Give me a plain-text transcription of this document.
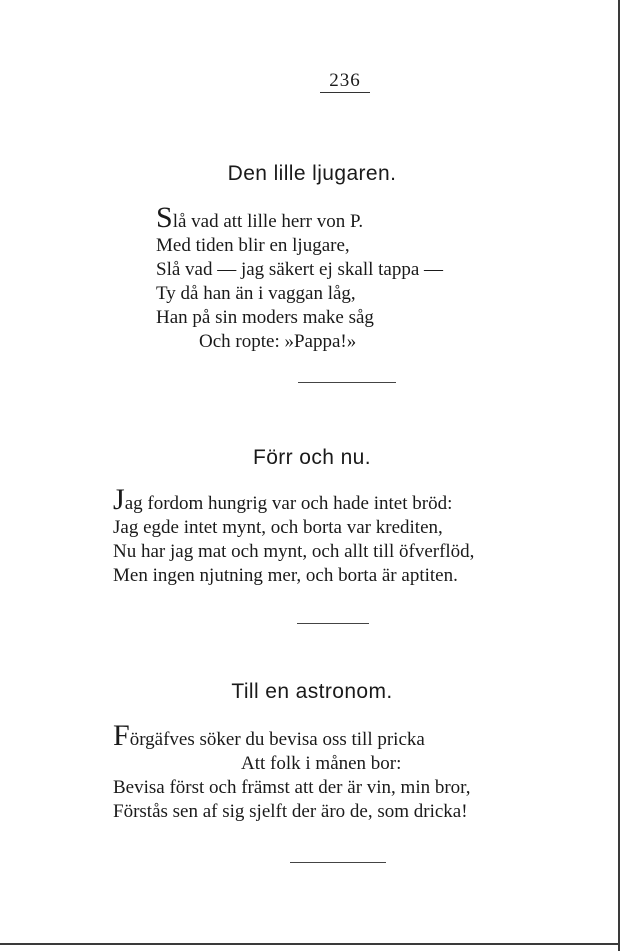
236
Den lille ljugaren.
Slå vad att lille herr von P.
Med tiden blir en ljugare,
Slå vad — jag säkert ej skall tappa —
Ty då han än i vaggan låg,
Han på sin moders make såg
Och ropte: »Pappa!»
Förr och nu.
Jag fordom hungrig var och hade intet bröd:
Jag egde intet mynt, och borta var krediten,
Nu har jag mat och mynt, och allt till öfverflöd,
Men ingen njutning mer, och borta är aptiten.
Till en astronom.
Förgäfves söker du bevisa oss till pricka
Att folk i månen bor:
Bevisa först och främst att der är vin, min bror,
Förstås sen af sig sjelft der äro de, som dricka!
